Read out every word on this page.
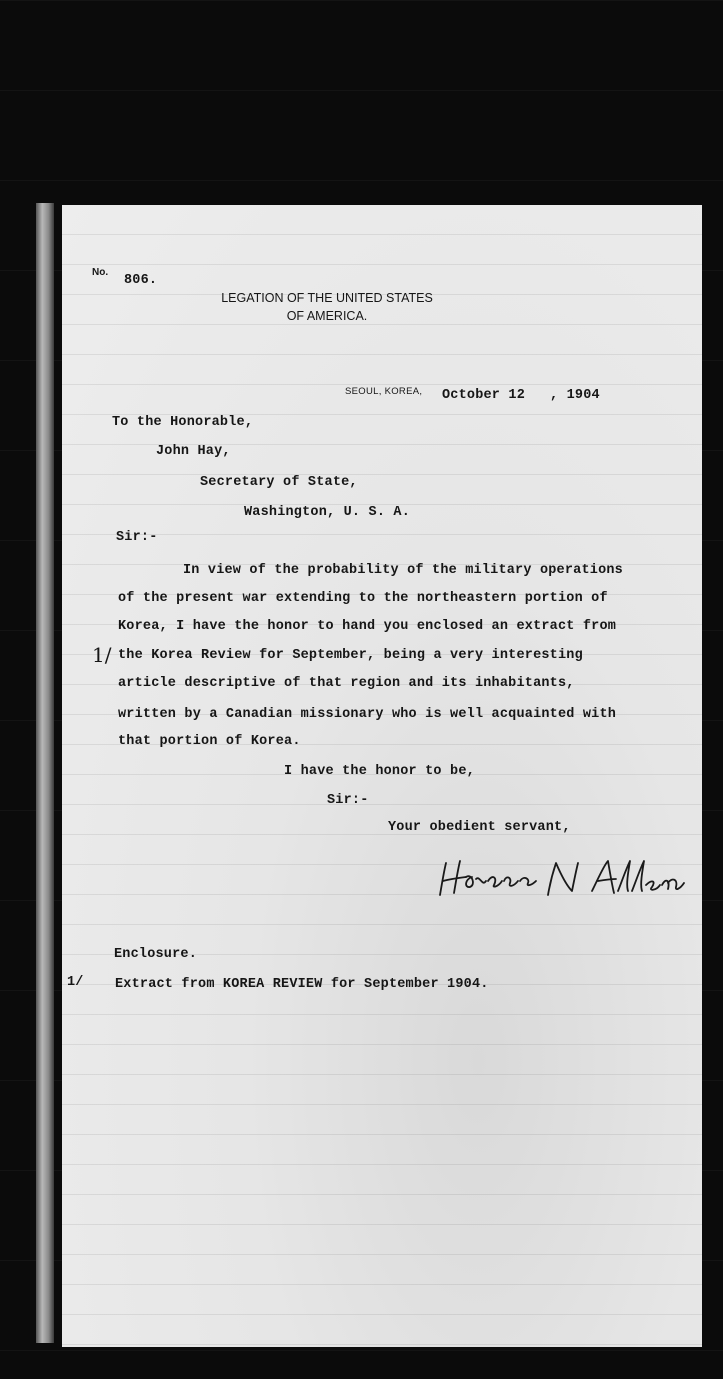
No.
806.
LEGATION OF THE UNITED STATES
OF AMERICA.
SEOUL, KOREA, October 12 , 1904
To the Honorable,
John Hay,
Secretary of State,
Washington, U. S. A.
Sir:-
In view of the probability of the military operations
of the present war extending to the northeastern portion of
Korea, I have the honor to hand you enclosed an extract from
the Korea Review for September, being a very interesting
article descriptive of that region and its inhabitants,
written by a Canadian missionary who is well acquainted with
that portion of Korea.
1/
I have the honor to be,
Sir:-
Your obedient servant,
Enclosure.
1/ Extract from KOREA REVIEW for September 1904.
